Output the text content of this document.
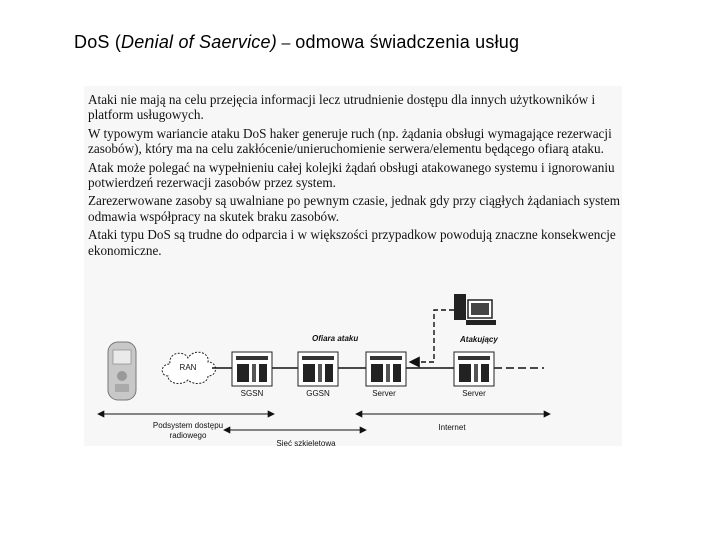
DoS (Denial of Saervice) – odmowa świadczenia usług

Ataki nie mają na celu przejęcia informacji lecz utrudnienie dostępu dla innych użytkowników i platform usługowych.

W typowym wariancie ataku DoS haker generuje ruch (np. żądania obsługi wymagające rezerwacji zasobów), który ma na celu zakłócenie/unieruchomienie serwera/elementu będącego ofiarą ataku.

Atak może polegać na wypełnieniu całej kolejki żądań obsługi atakowanego systemu i ignorowaniu potwierdzeń rezerwacji zasobów przez system.

Zarezerwowane zasoby są uwalniane po pewnym czasie, jednak gdy przy ciągłych żądaniach system odmawia współpracy na skutek braku zasobów.

Ataki typu DoS są trudne do odparcia i w większości przypadkow powodują znaczne konsekwencje ekonomiczne.

RAN
SGSN	GGSN
Ofiara ataku
Server	Server
Atakujący
Podsystem dostępu
radiowego
Sieć szkieletowa
Internet
